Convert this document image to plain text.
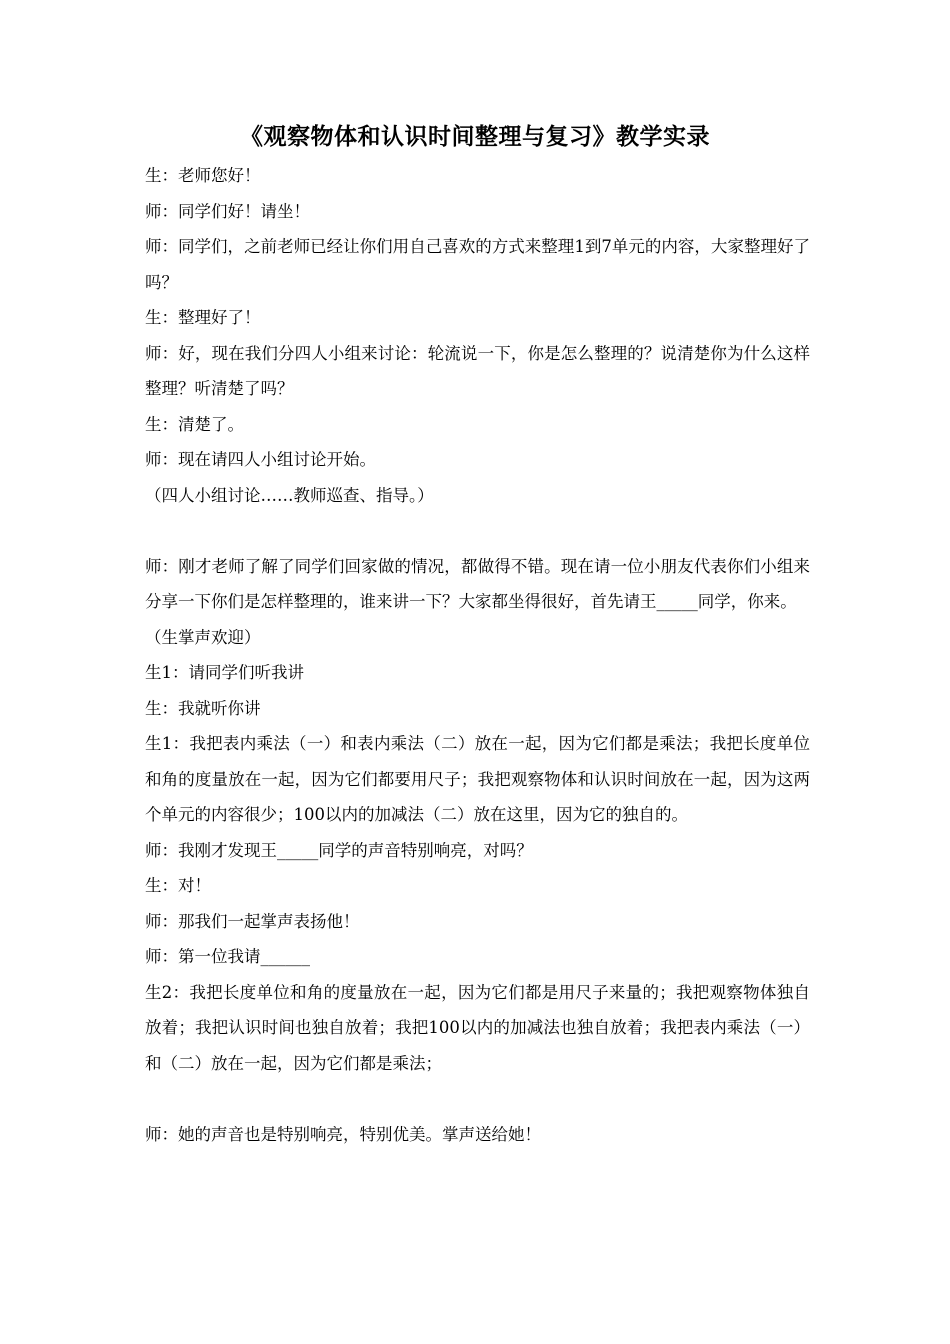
《观察物体和认识时间整理与复习》教学实录

生：老师您好！

师：同学们好！请坐！

师：同学们，之前老师已经让你们用自己喜欢的方式来整理1到7单元的内容，大家整理好了吗？

生：整理好了！

师：好，现在我们分四人小组来讨论：轮流说一下，你是怎么整理的？说清楚你为什么这样整理？听清楚了吗？

生：清楚了。

师：现在请四人小组讨论开始。

（四人小组讨论……教师巡查、指导。）

师：刚才老师了解了同学们回家做的情况，都做得不错。现在请一位小朋友代表你们小组来分享一下你们是怎样整理的，谁来讲一下？大家都坐得很好，首先请王_____同学，你来。

（生掌声欢迎）

生1：请同学们听我讲

生：我就听你讲

生1：我把表内乘法（一）和表内乘法（二）放在一起，因为它们都是乘法；我把长度单位和角的度量放在一起，因为它们都要用尺子；我把观察物体和认识时间放在一起，因为这两个单元的内容很少；100以内的加减法（二）放在这里，因为它的独自的。

师：我刚才发现王_____同学的声音特别响亮，对吗？

生：对！

师：那我们一起掌声表扬他！

师：第一位我请______

生2：我把长度单位和角的度量放在一起，因为它们都是用尺子来量的；我把观察物体独自放着；我把认识时间也独自放着；我把100以内的加减法也独自放着；我把表内乘法（一）和（二）放在一起，因为它们都是乘法；

师：她的声音也是特别响亮，特别优美。掌声送给她！
